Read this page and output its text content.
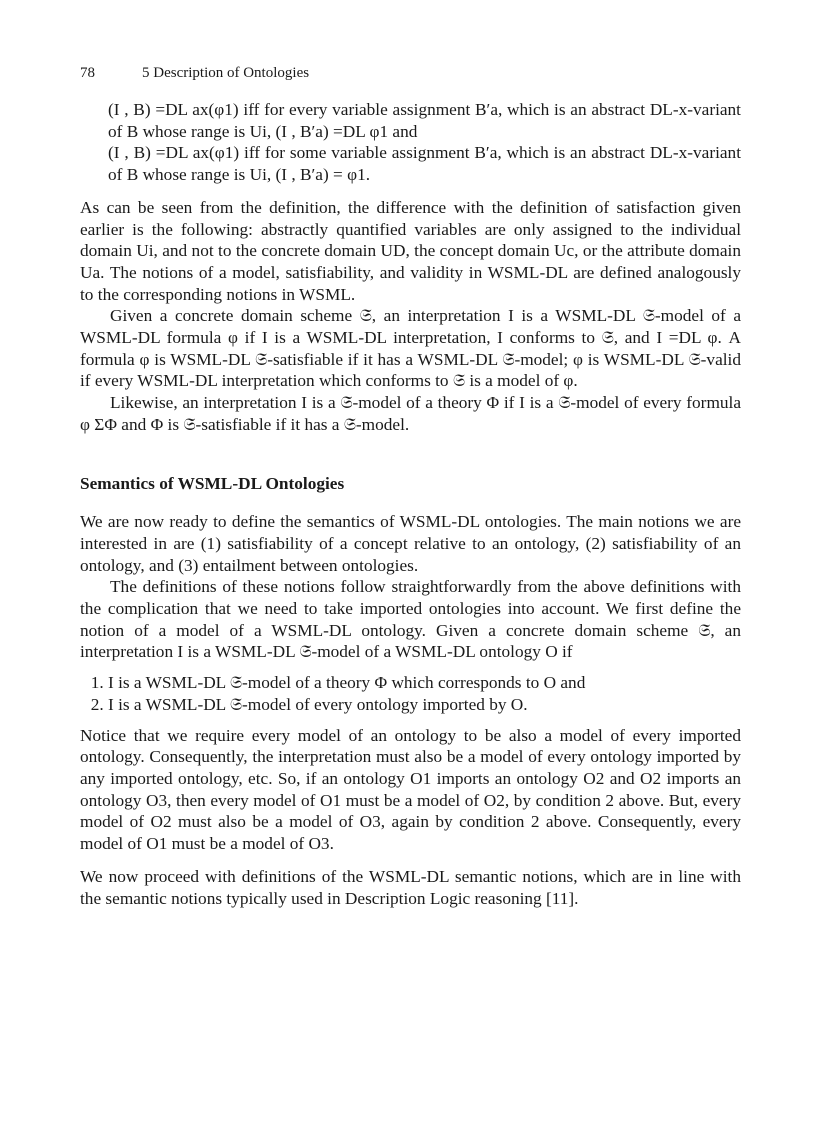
78	5 Description of Ontologies

(I , B) =DL ax(φ1) iff for every variable assignment B′a, which is an abstract DL-x-variant of B whose range is Ui, (I , B′a) =DL φ1 and

(I , B) =DL ax(φ1) iff for some variable assignment B′a, which is an abstract DL-x-variant of B whose range is Ui, (I , B′a) = φ1.

As can be seen from the definition, the difference with the definition of satisfaction given earlier is the following: abstractly quantified variables are only assigned to the individual domain Ui, and not to the concrete domain UD, the concept domain Uc, or the attribute domain Ua. The notions of a model, satisfiability, and validity in WSML-DL are defined analogously to the corresponding notions in WSML.

Given a concrete domain scheme 𝔖, an interpretation I is a WSML-DL 𝔖-model of a WSML-DL formula φ if I is a WSML-DL interpretation, I conforms to 𝔖, and I =DL φ. A formula φ is WSML-DL 𝔖-satisfiable if it has a WSML-DL 𝔖-model; φ is WSML-DL 𝔖-valid if every WSML-DL interpretation which conforms to 𝔖 is a model of φ.

Likewise, an interpretation I is a 𝔖-model of a theory Φ if I is a 𝔖-model of every formula φ ΣΦ and Φ is 𝔖-satisfiable if it has a 𝔖-model.

Semantics of WSML-DL Ontologies

We are now ready to define the semantics of WSML-DL ontologies. The main notions we are interested in are (1) satisfiability of a concept relative to an ontology, (2) satisfiability of an ontology, and (3) entailment between ontologies.

The definitions of these notions follow straightforwardly from the above definitions with the complication that we need to take imported ontologies into account. We first define the notion of a model of a WSML-DL ontology. Given a concrete domain scheme 𝔖, an interpretation I is a WSML-DL 𝔖-model of a WSML-DL ontology O if

1. I is a WSML-DL 𝔖-model of a theory Φ which corresponds to O and
2. I is a WSML-DL 𝔖-model of every ontology imported by O.

Notice that we require every model of an ontology to be also a model of every imported ontology. Consequently, the interpretation must also be a model of every ontology imported by any imported ontology, etc. So, if an ontology O1 imports an ontology O2 and O2 imports an ontology O3, then every model of O1 must be a model of O2, by condition 2 above. But, every model of O2 must also be a model of O3, again by condition 2 above. Consequently, every model of O1 must be a model of O3.

We now proceed with definitions of the WSML-DL semantic notions, which are in line with the semantic notions typically used in Description Logic reasoning [11].
